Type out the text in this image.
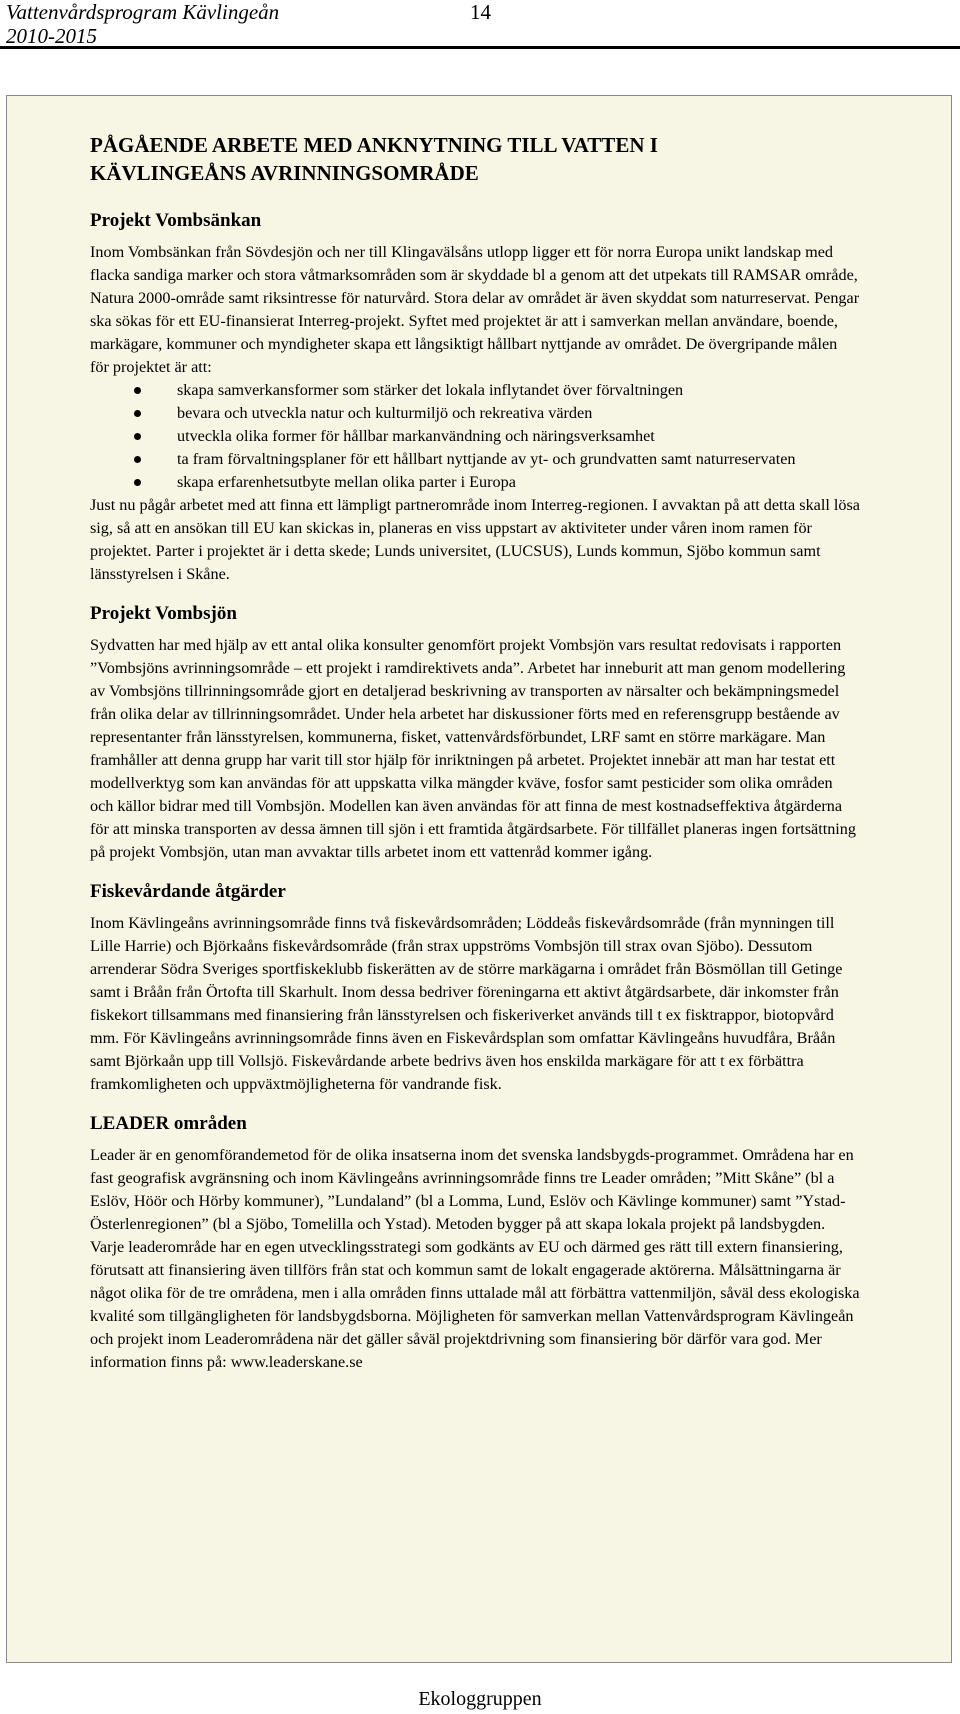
Vattenvårdsprogram Kävlingeån
2010-2015
14
PÅGÅENDE ARBETE MED ANKNYTNING TILL VATTEN I
KÄVLINGEÅNS AVRINNINGSOMRÅDE
Projekt Vombsänkan

Inom Vombsänkan från Sövdesjön och ner till Klingavälsåns utlopp ligger ett för norra Europa unikt landskap med flacka sandiga marker och stora våtmarksområden som är skyddade bl a genom att det utpekats till RAMSAR område, Natura 2000-område samt riksintresse för naturvård. Stora delar av området är även skyddat som naturreservat. Pengar ska sökas för ett EU-finansierat Interreg-projekt. Syftet med projektet är att i samverkan mellan användare, boende, markägare, kommuner och myndigheter skapa ett långsiktigt hållbart nyttjande av området. De övergripande målen för projektet är att:

skapa samverkansformer som stärker det lokala inflytandet över förvaltningen
bevara och utveckla natur och kulturmiljö och rekreativa värden
utveckla olika former för hållbar markanvändning och näringsverksamhet
ta fram förvaltningsplaner för ett hållbart nyttjande av yt- och grundvatten samt naturreservaten
skapa erfarenhetsutbyte mellan olika parter i Europa

Just nu pågår arbetet med att finna ett lämpligt partnerområde inom Interreg-regionen. I avvaktan på att detta skall lösa sig, så att en ansökan till EU kan skickas in, planeras en viss uppstart av aktiviteter under våren inom ramen för projektet. Parter i projektet är i detta skede; Lunds universitet, (LUCSUS), Lunds kommun, Sjöbo kommun samt länsstyrelsen i Skåne.

Projekt Vombsjön

Sydvatten har med hjälp av ett antal olika konsulter genomfört projekt Vombsjön vars resultat redovisats i rapporten ”Vombsjöns avrinningsområde – ett projekt i ramdirektivets anda”. Arbetet har inneburit att man genom modellering av Vombsjöns tillrinningsområde gjort en detaljerad beskrivning av transporten av närsalter och bekämpningsmedel från olika delar av tillrinningsområdet. Under hela arbetet har diskussioner förts med en referensgrupp bestående av representanter från länsstyrelsen, kommunerna, fisket, vattenvårdsförbundet, LRF samt en större markägare. Man framhåller att denna grupp har varit till stor hjälp för inriktningen på arbetet. Projektet innebär att man har testat ett modellverktyg som kan användas för att uppskatta vilka mängder kväve, fosfor samt pesticider som olika områden och källor bidrar med till Vombsjön. Modellen kan även användas för att finna de mest kostnadseffektiva åtgärderna för att minska transporten av dessa ämnen till sjön i ett framtida åtgärdsarbete. För tillfället planeras ingen fortsättning på projekt Vombsjön, utan man avvaktar tills arbetet inom ett vattenråd kommer igång.

Fiskevårdande åtgärder

Inom Kävlingeåns avrinningsområde finns två fiskevårdsområden; Löddeås fiskevårdsområde (från mynningen till Lille Harrie) och Björkaåns fiskevårdsområde (från strax uppströms Vombsjön till strax ovan Sjöbo). Dessutom arrenderar Södra Sveriges sportfiskeklubb fiskerätten av de större markägarna i området från Bösmöllan till Getinge samt i Bråån från Örtofta till Skarhult. Inom dessa bedriver föreningarna ett aktivt åtgärdsarbete, där inkomster från fiskekort tillsammans med finansiering från länsstyrelsen och fiskeriverket används till t ex fisktrappor, biotopvård mm. För Kävlingeåns avrinningsområde finns även en Fiskevårdsplan som omfattar Kävlingeåns huvudfåra, Bråån samt Björkaån upp till Vollsjö. Fiskevårdande arbete bedrivs även hos enskilda markägare för att t ex förbättra framkomligheten och uppväxtmöjligheterna för vandrande fisk.

LEADER områden

Leader är en genomförandemetod för de olika insatserna inom det svenska landsbygds-programmet. Områdena har en fast geografisk avgränsning och inom Kävlingeåns avrinningsområde finns tre Leader områden; ”Mitt Skåne” (bl a Eslöv, Höör och Hörby kommuner), ”Lundaland” (bl a Lomma, Lund, Eslöv och Kävlinge kommuner) samt ”Ystad-Österlenregionen” (bl a Sjöbo, Tomelilla och Ystad). Metoden bygger på att skapa lokala projekt på landsbygden. Varje leaderområde har en egen utvecklingsstrategi som godkänts av EU och därmed ges rätt till extern finansiering, förutsatt att finansiering även tillförs från stat och kommun samt de lokalt engagerade aktörerna. Målsättningarna är något olika för de tre områdena, men i alla områden finns uttalade mål att förbättra vattenmiljön, såväl dess ekologiska kvalité som tillgängligheten för landsbygdsborna. Möjligheten för samverkan mellan Vattenvårdsprogram Kävlingeån och projekt inom Leaderområdena när det gäller såväl projektdrivning som finansiering bör därför vara god. Mer information finns på: www.leaderskane.se

Ekologgruppen
